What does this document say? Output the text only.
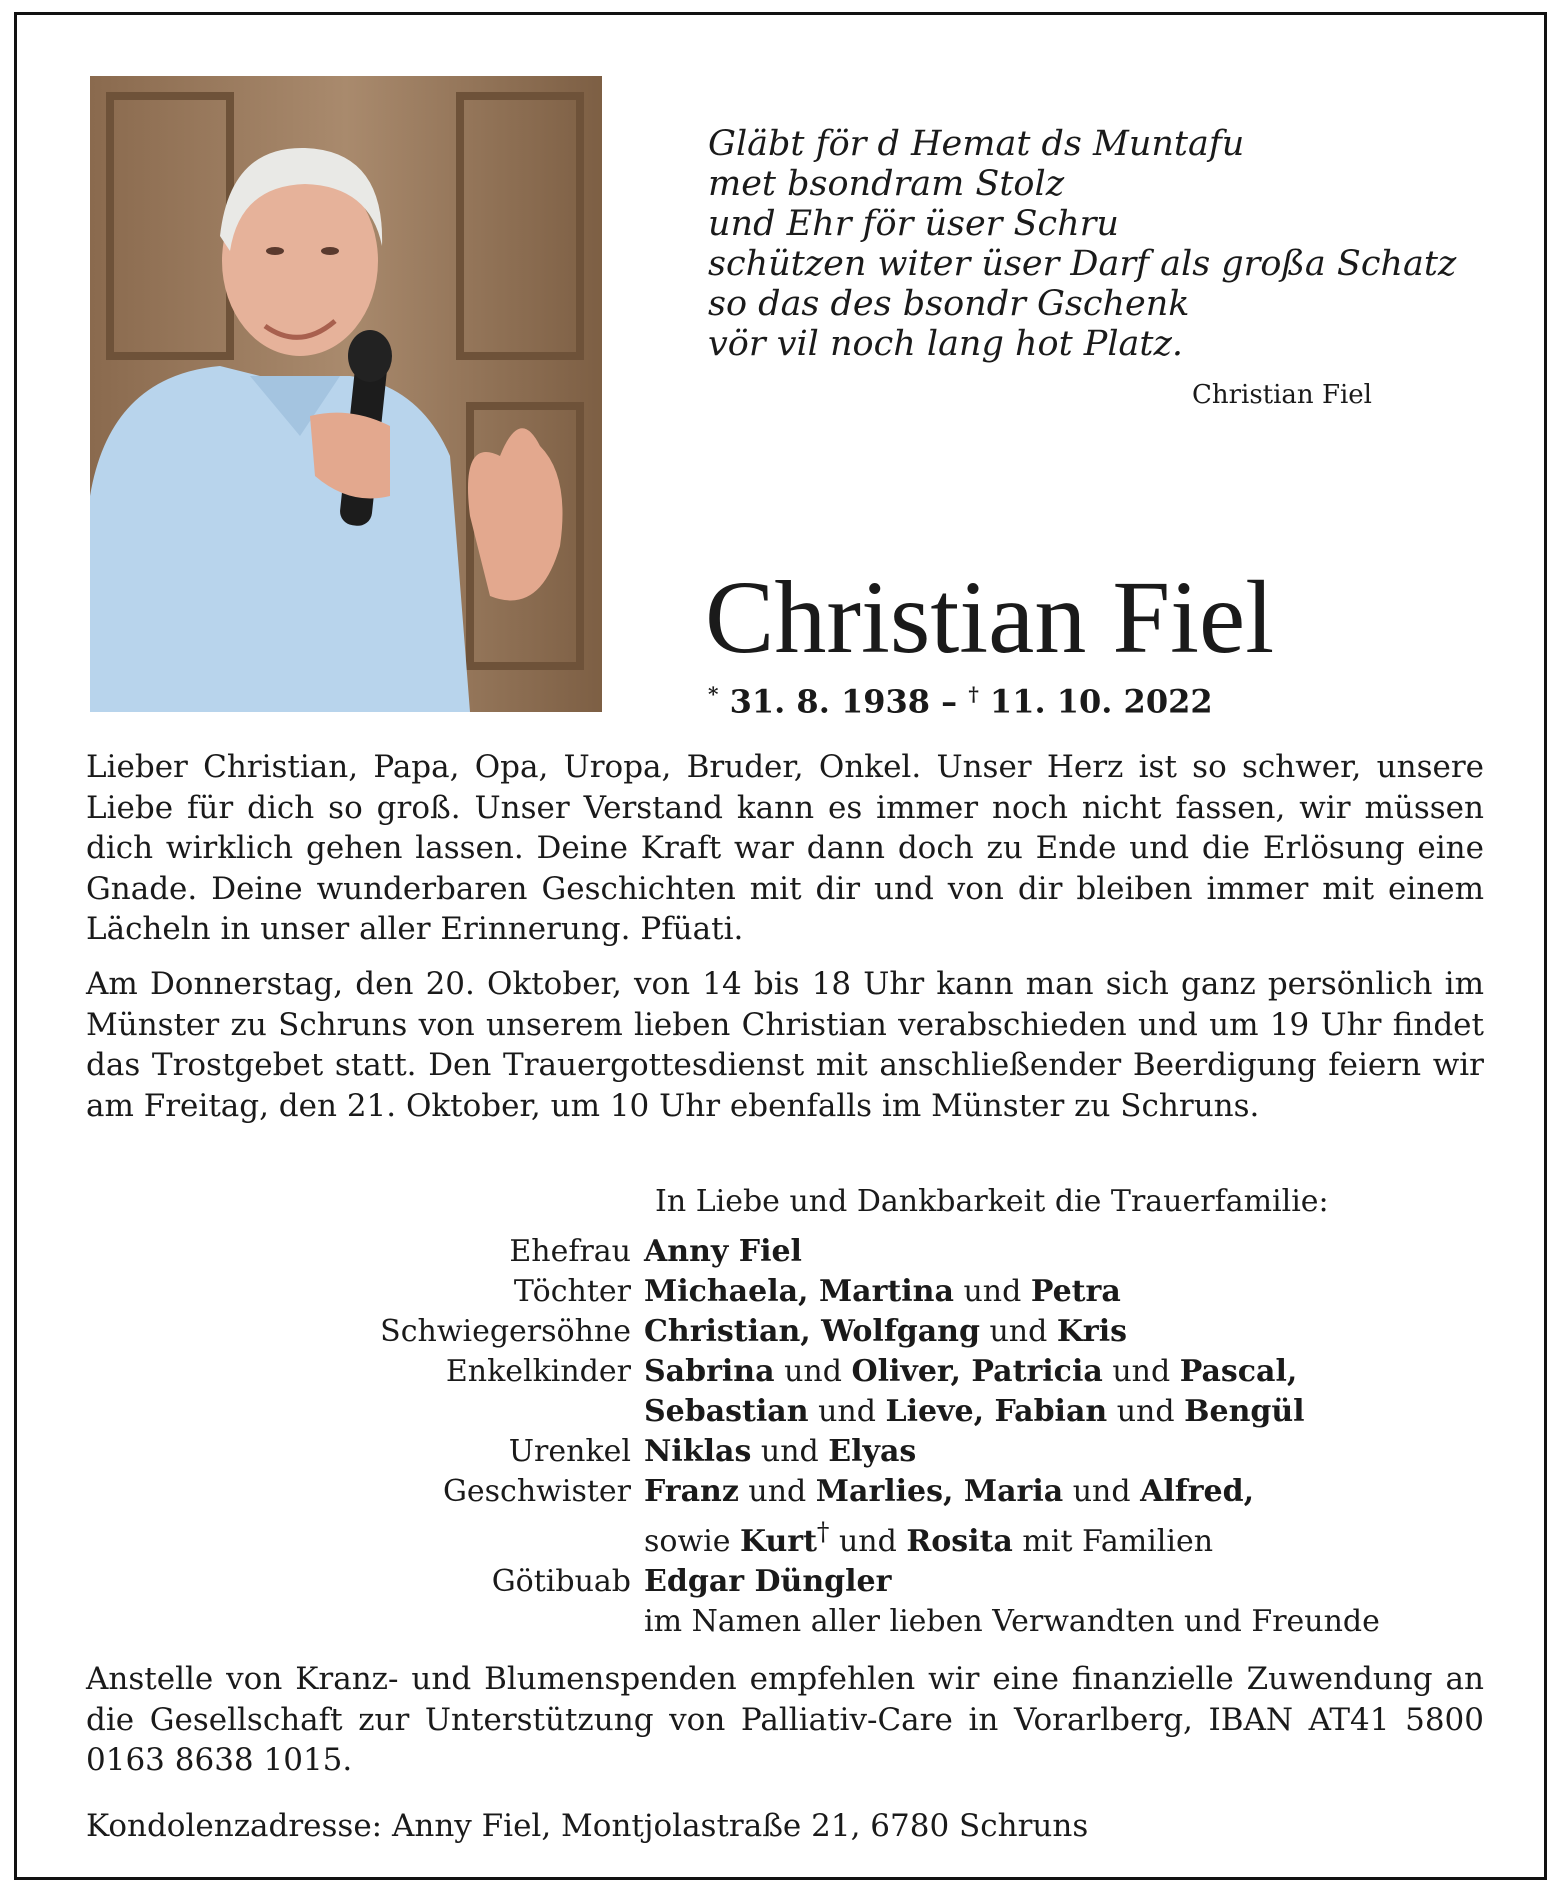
Gläbt för d Hemat ds Muntafu
met bsondram Stolz
und Ehr för üser Schru
schützen witer üser Darf als großa Schatz
so das des bsondr Gschenk
vör vil noch lang hot Platz.
Christian Fiel
Christian Fiel
* 31. 8. 1938 – † 11. 10. 2022

Lieber Christian, Papa, Opa, Uropa, Bruder, Onkel. Unser Herz ist so schwer, unsere Liebe für dich so groß. Unser Verstand kann es immer noch nicht fassen, wir müssen dich wirklich gehen lassen. Deine Kraft war dann doch zu Ende und die Erlösung eine Gnade. Deine wunderbaren Geschichten mit dir und von dir bleiben immer mit einem Lächeln in unser aller Erinnerung. Pfüati.

Am Donnerstag, den 20. Oktober, von 14 bis 18 Uhr kann man sich ganz persönlich im Münster zu Schruns von unserem lieben Christian verabschieden und um 19 Uhr findet das Trostgebet statt. Den Trauergottesdienst mit anschließender Beerdigung feiern wir am Freitag, den 21. Oktober, um 10 Uhr ebenfalls im Münster zu Schruns.

In Liebe und Dankbarkeit die Trauerfamilie:
Ehefrau Anny Fiel
Töchter Michaela, Martina und Petra
Schwiegersöhne Christian, Wolfgang und Kris
Enkelkinder Sabrina und Oliver, Patricia und Pascal,
Sebastian und Lieve, Fabian und Bengül
Urenkel Niklas und Elyas
Geschwister Franz und Marlies, Maria und Alfred,
sowie Kurt† und Rosita mit Familien
Götibuab Edgar Düngler
im Namen aller lieben Verwandten und Freunde

Anstelle von Kranz- und Blumenspenden empfehlen wir eine finanzielle Zuwendung an die Gesellschaft zur Unterstützung von Palliativ-Care in Vorarlberg, IBAN AT41 5800 0163 8638 1015.

Kondolenzadresse: Anny Fiel, Montjolastraße 21, 6780 Schruns
